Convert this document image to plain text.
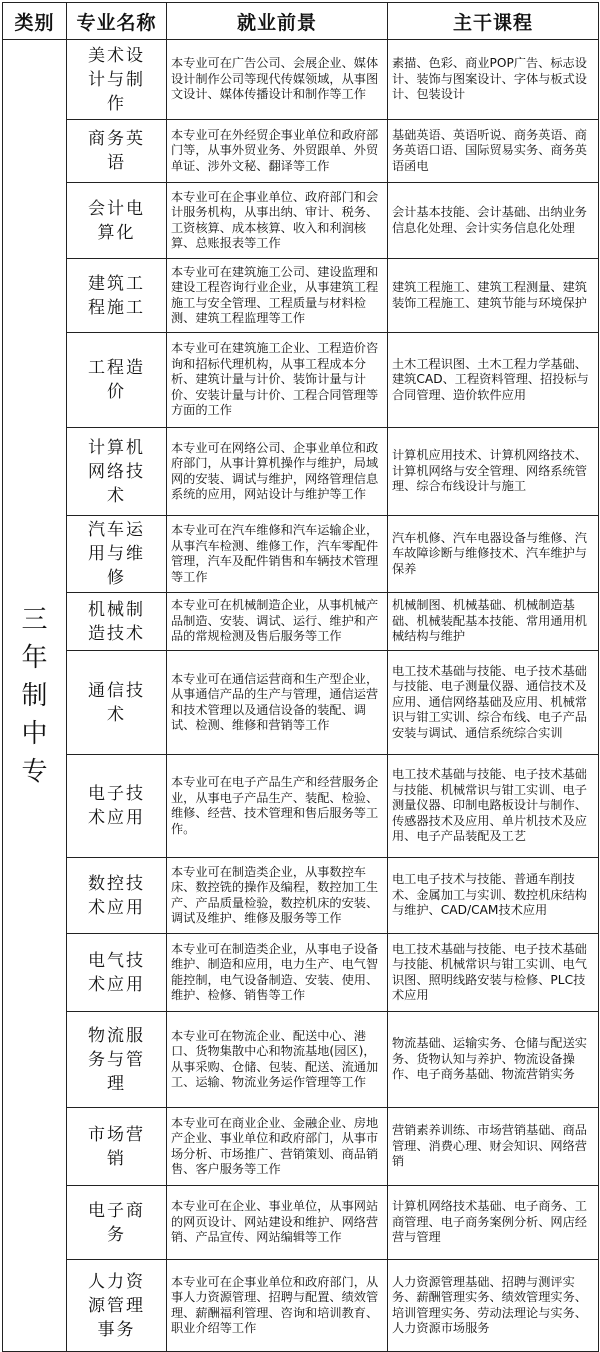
类别	专业名称	就业前景	主干课程
三年制中专	美术设计与制作	本专业可在广告公司、会展企业、媒体设计制作公司等现代传媒领域，从事图文设计、媒体传播设计和制作等工作	素描、色彩、商业POP广告、标志设计、装饰与图案设计、字体与板式设计、包装设计
	商务英语	本专业可在外经贸企事业单位和政府部门等，从事外贸业务、外贸跟单、外贸单证、涉外文秘、翻译等工作	基础英语、英语听说、商务英语、商务英语口语、国际贸易实务、商务英语函电
	会计电算化	本专业可在企事业单位、政府部门和会计服务机构，从事出纳、审计、税务、工资核算、成本核算、收入和利润核算、总账报表等工作	会计基本技能、会计基础、出纳业务信息化处理、会计实务信息化处理
	建筑工程施工	本专业可在建筑施工公司、建设监理和建设工程咨询行业企业，从事建筑工程施工与安全管理、工程质量与材料检测、建筑工程监理等工作	建筑工程施工、建筑工程测量、建筑装饰工程施工、建筑节能与环境保护
	工程造价	本专业可在建筑施工企业、工程造价咨询和招标代理机构，从事工程成本分析、建筑计量与计价、装饰计量与计价、安装计量与计价、工程合同管理等方面的工作	土木工程识图、土木工程力学基础、建筑CAD、工程资料管理、招投标与合同管理、造价软件应用
	计算机网络技术	本专业可在网络公司、企事业单位和政府部门，从事计算机操作与维护，局域网的安装、调试与维护，网络管理信息系统的应用，网站设计与维护等工作	计算机应用技术、计算机网络技术、计算机网络与安全管理、网络系统管理、综合布线设计与施工
	汽车运用与维修	本专业可在汽车维修和汽车运输企业，从事汽车检测、维修工作，汽车零配件管理，汽车及配件销售和车辆技术管理等工作	汽车机修、汽车电器设备与维修、汽车故障诊断与维修技术、汽车维护与保养
	机械制造技术	本专业可在机械制造企业，从事机械产品制造、安装、调试、运行、维护和产品的常规检测及售后服务等工作	机械制图、机械基础、机械制造基础、机械装配基本技能、常用通用机械结构与维护
	通信技术	本专业可在通信运营商和生产型企业，从事通信产品的生产与管理，通信运营和技术管理以及通信设备的装配、调试、检测、维修和营销等工作	电工技术基础与技能、电子技术基础与技能、电子测量仪器、通信技术及应用、通信网络基础及应用、机械常识与钳工实训、综合布线、电子产品安装与调试、通信系统综合实训
	电子技术应用	本专业可在电子产品生产和经营服务企业，从事电子产品生产、装配、检验、维修、经营、技术管理和售后服务等工作。	电工技术基础与技能、电子技术基础与技能、机械常识与钳工实训、电子测量仪器、印制电路板设计与制作、传感器技术及应用、单片机技术及应用、电子产品装配及工艺
	数控技术应用	本专业可在制造类企业，从事数控车床、数控铣的操作及编程，数控加工生产、产品质量检验，数控机床的安装、调试及维护、维修及服务等工作	电工电子技术与技能、普通车削技术、金属加工与实训、数控机床结构与维护、CAD/CAM技术应用
	电气技术应用	本专业可在制造类企业，从事电子设备维护、制造和应用，电力生产、电气智能控制，电气设备制造、安装、使用、维护、检修、销售等工作	电工技术基础与技能、电子技术基础与技能、机械常识与钳工实训、电气识图、照明线路安装与检修、PLC技术应用
	物流服务与管理	本专业可在物流企业、配送中心、港口、货物集散中心和物流基地(园区)，从事采购、仓储、包装、配送、流通加工、运输、物流业务运作管理等工作	物流基础、运输实务、仓储与配送实务、货物认知与养护、物流设备操作、电子商务基础、物流营销实务
	市场营销	本专业可在商业企业、金融企业、房地产企业、事业单位和政府部门，从事市场分析、市场推广、营销策划、商品销售、客户服务等工作	营销素养训练、市场营销基础、商品管理、消费心理、财会知识、网络营销
	电子商务	本专业可在企业、事业单位，从事网站的网页设计、网站建设和维护、网络营销、产品宣传、网站编辑等工作	计算机网络技术基础、电子商务、工商管理、电子商务案例分析、网店经营与管理
	人力资源管理事务	本专业可在企事业单位和政府部门，从事人力资源管理、招聘与配置、绩效管理、薪酬福利管理、咨询和培训教育、职业介绍等工作	人力资源管理基础、招聘与测评实务、薪酬管理实务、绩效管理实务、培训管理实务、劳动法理论与实务、人力资源市场服务
